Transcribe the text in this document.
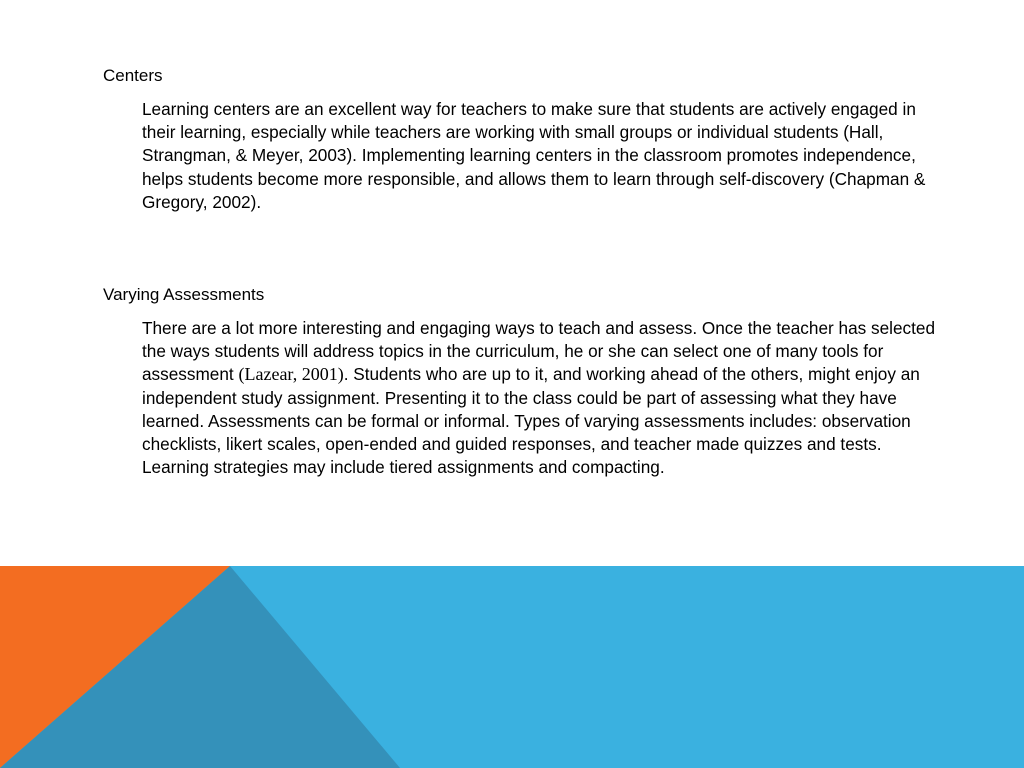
Centers

Learning centers are an excellent way for teachers to make sure that students are actively engaged in their learning, especially while teachers are working with small groups or individual students (Hall, Strangman, & Meyer, 2003). Implementing learning centers in the classroom promotes independence, helps students become more responsible, and allows them to learn through self-discovery (Chapman & Gregory, 2002).

Varying Assessments

There are a lot more interesting and engaging ways to teach and assess. Once the teacher has selected the ways students will address topics in the curriculum, he or she can select one of many tools for assessment (Lazear, 2001). Students who are up to it, and working ahead of the others, might enjoy an independent study assignment. Presenting it to the class could be part of assessing what they have learned. Assessments can be formal or informal. Types of varying assessments includes: observation checklists, likert scales, open-ended and guided responses, and teacher made quizzes and tests. Learning strategies may include tiered assignments and compacting.
